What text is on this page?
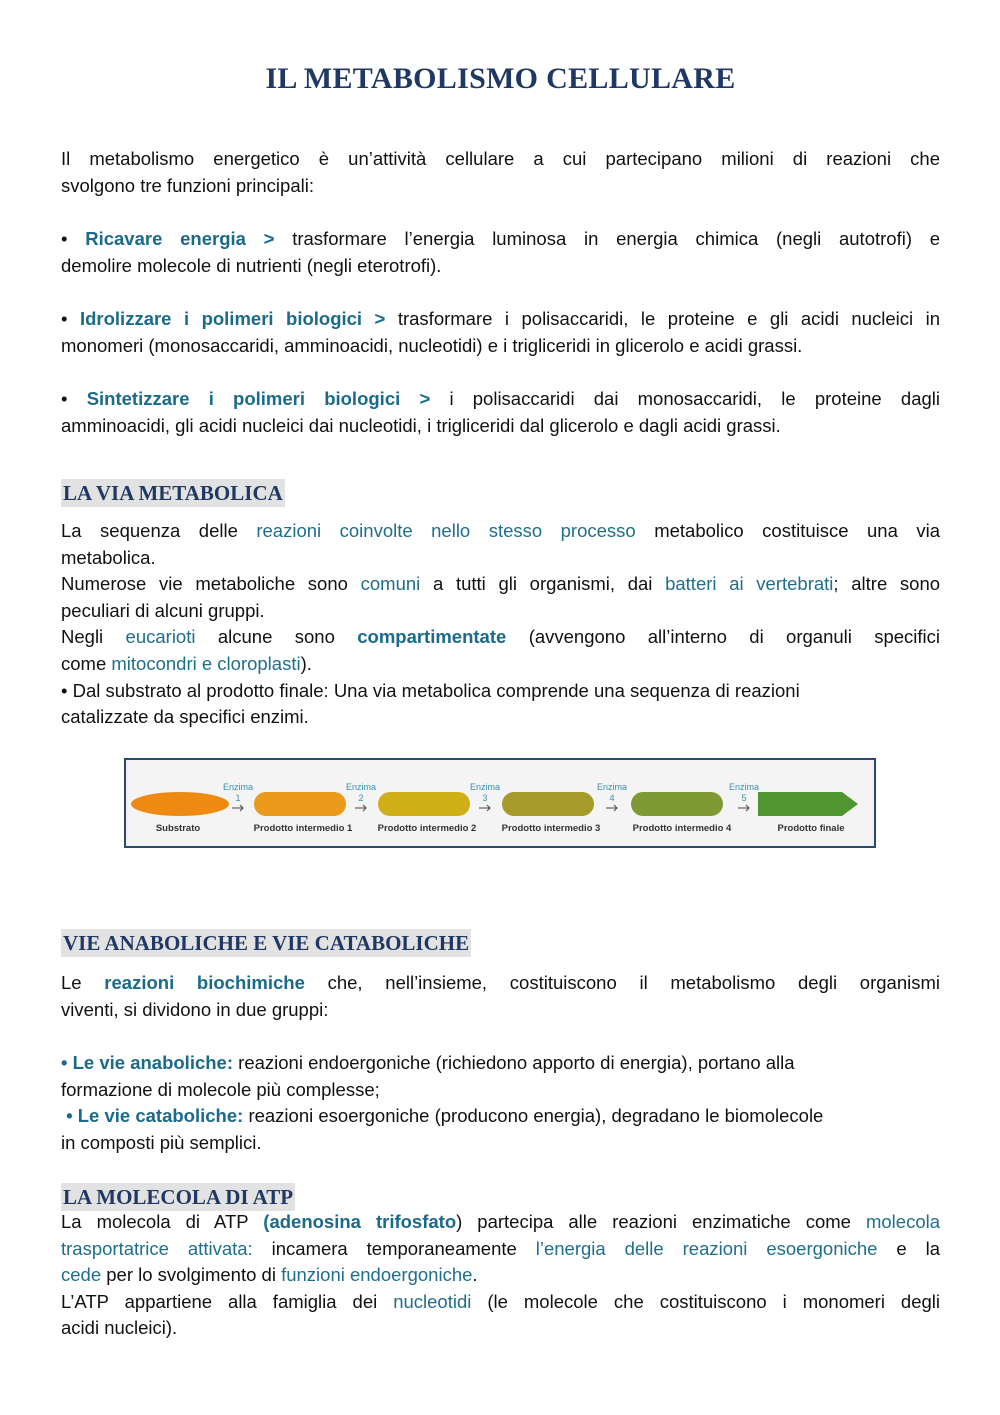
IL METABOLISMO CELLULARE
Il metabolismo energetico è un’attività cellulare a cui partecipano milioni di reazioni che
svolgono tre funzioni principali:
• Ricavare energia > trasformare l’energia luminosa in energia chimica (negli autotrofi) e
demolire molecole di nutrienti (negli eterotrofi).
• Idrolizzare i polimeri biologici > trasformare i polisaccaridi, le proteine e gli acidi nucleici in
monomeri (monosaccaridi, amminoacidi, nucleotidi) e i trigliceridi in glicerolo e acidi grassi.
• Sintetizzare i polimeri biologici > i polisaccaridi dai monosaccaridi, le proteine dagli
amminoacidi, gli acidi nucleici dai nucleotidi, i trigliceridi dal glicerolo e dagli acidi grassi.
LA VIA METABOLICA
La sequenza delle reazioni coinvolte nello stesso processo metabolico costituisce una via
metabolica.
Numerose vie metaboliche sono comuni a tutti gli organismi, dai batteri ai vertebrati; altre sono
peculiari di alcuni gruppi.
Negli eucarioti alcune sono compartimentate (avvengono all’interno di organuli specifici
come mitocondri e cloroplasti).
• Dal substrato al prodotto finale: Una via metabolica comprende una sequenza di reazioni
catalizzate da specifici enzimi.
Substrato	Prodotto intermedio 1	Prodotto intermedio 2	Prodotto intermedio 3	Prodotto intermedio 4	Prodotto finale
Enzima
1
Enzima
2
Enzima
3
Enzima
4
Enzima
5
VIE ANABOLICHE E VIE CATABOLICHE
Le reazioni biochimiche che, nell’insieme, costituiscono il metabolismo degli organismi
viventi, si dividono in due gruppi:
• Le vie anaboliche: reazioni endoergoniche (richiedono apporto di energia), portano alla
formazione di molecole più complesse;
• Le vie cataboliche: reazioni esoergoniche (producono energia), degradano le biomolecole
in composti più semplici.
LA MOLECOLA DI ATP
La molecola di ATP (adenosina trifosfato) partecipa alle reazioni enzimatiche come molecola
trasportatrice attivata: incamera temporaneamente l’energia delle reazioni esoergoniche e la
cede per lo svolgimento di funzioni endoergoniche.
L’ATP appartiene alla famiglia dei nucleotidi (le molecole che costituiscono i monomeri degli
acidi nucleici).
